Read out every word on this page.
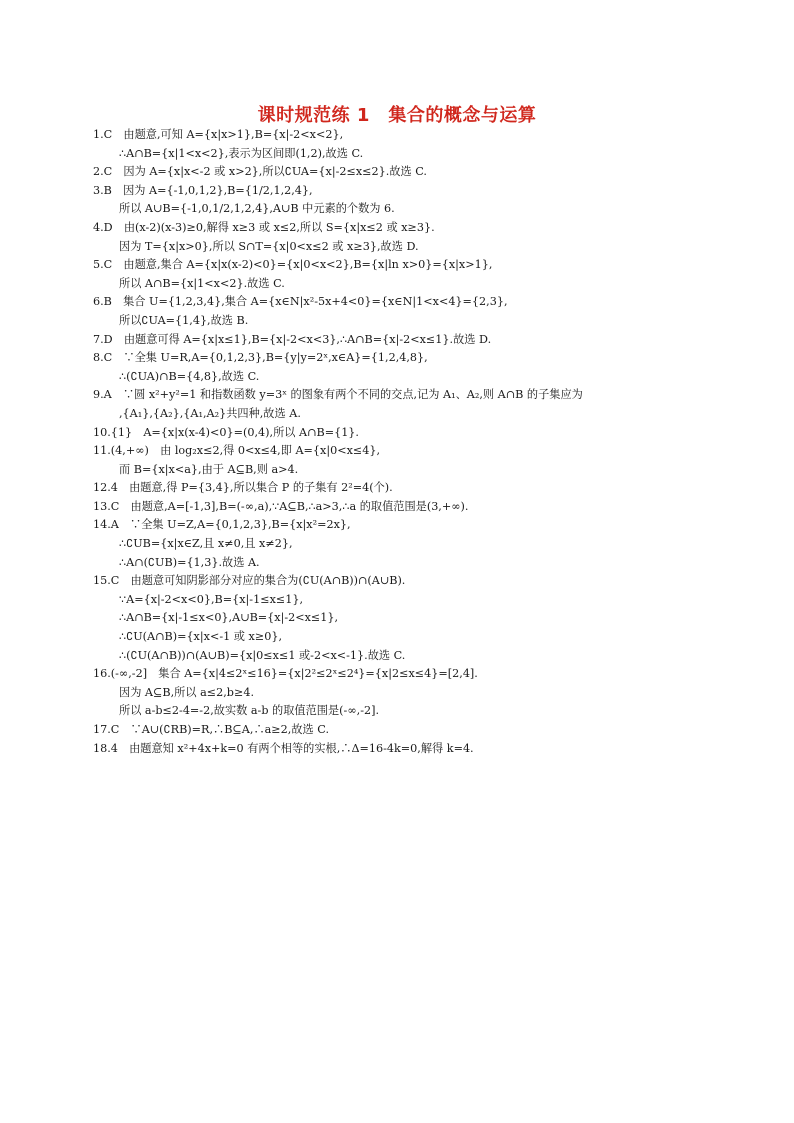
课时规范练 1　集合的概念与运算
1.C　由题意,可知 A={x|x>1},B={x|-2<x<2},
∴A∩B={x|1<x<2},表示为区间即(1,2),故选 C.
2.C　因为 A={x|x<-2 或 x>2},所以∁UA={x|-2≤x≤2}.故选 C.
3.B　因为 A={-1,0,1,2},B={1/2,1,2,4},
所以 A∪B={-1,0,1/2,1,2,4},A∪B 中元素的个数为 6.
4.D　由(x-2)(x-3)≥0,解得 x≥3 或 x≤2,所以 S={x|x≤2 或 x≥3}.
因为 T={x|x>0},所以 S∩T={x|0<x≤2 或 x≥3},故选 D.
5.C　由题意,集合 A={x|x(x-2)<0}={x|0<x<2},B={x|ln x>0}={x|x>1},
所以 A∩B={x|1<x<2}.故选 C.
6.B　集合 U={1,2,3,4},集合 A={x∈N|x²-5x+4<0}={x∈N|1<x<4}={2,3},
所以∁UA={1,4},故选 B.
7.D　由题意可得 A={x|x≤1},B={x|-2<x<3},∴A∩B={x|-2<x≤1}.故选 D.
8.C　∵全集 U=R,A={0,1,2,3},B={y|y=2ˣ,x∈A}={1,2,4,8},
∴(∁UA)∩B={4,8},故选 C.
9.A　∵圆 x²+y²=1 和指数函数 y=3ˣ 的图象有两个不同的交点,记为 A₁、A₂,则 A∩B 的子集应为
,{A₁},{A₂},{A₁,A₂}共四种,故选 A.
10.{1}　A={x|x(x-4)<0}=(0,4),所以 A∩B={1}.
11.(4,+∞)　由 log₂x≤2,得 0<x≤4,即 A={x|0<x≤4},
而 B={x|x<a},由于 A⊆B,则 a>4.
12.4　由题意,得 P={3,4},所以集合 P 的子集有 2²=4(个).
13.C　由题意,A=[-1,3],B=(-∞,a),∵A⊆B,∴a>3,∴a 的取值范围是(3,+∞).
14.A　∵全集 U=Z,A={0,1,2,3},B={x|x²=2x},
∴∁UB={x|x∈Z,且 x≠0,且 x≠2},
∴A∩(∁UB)={1,3}.故选 A.
15.C　由题意可知阴影部分对应的集合为(∁U(A∩B))∩(A∪B).
∵A={x|-2<x<0},B={x|-1≤x≤1},
∴A∩B={x|-1≤x<0},A∪B={x|-2<x≤1},
∴∁U(A∩B)={x|x<-1 或 x≥0},
∴(∁U(A∩B))∩(A∪B)={x|0≤x≤1 或-2<x<-1}.故选 C.
16.(-∞,-2]　集合 A={x|4≤2ˣ≤16}={x|2²≤2ˣ≤2⁴}={x|2≤x≤4}=[2,4].
因为 A⊆B,所以 a≤2,b≥4.
所以 a-b≤2-4=-2,故实数 a-b 的取值范围是(-∞,-2].
17.C　∵A∪(∁RB)=R,∴B⊆A,∴a≥2,故选 C.
18.4　由题意知 x²+4x+k=0 有两个相等的实根,∴Δ=16-4k=0,解得 k=4.
